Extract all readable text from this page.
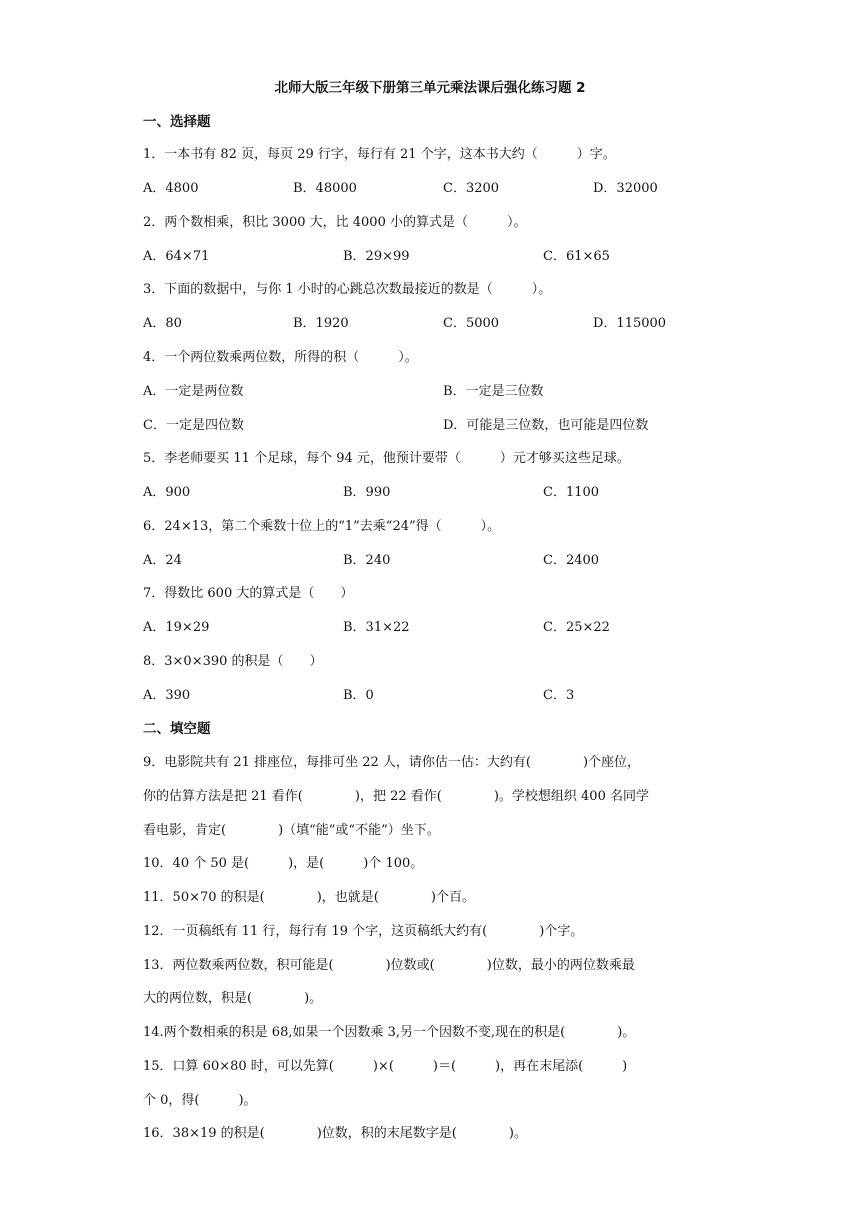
北师大版三年级下册第三单元乘法课后强化练习题 2
一、选择题
1．一本书有 82 页，每页 29 行字，每行有 21 个字，这本书大约（　　　）字。
A．4800	B．48000	C．3200	D．32000
2．两个数相乘，积比 3000 大，比 4000 小的算式是（　　　）。
A．64×71	B．29×99	C．61×65
3．下面的数据中，与你 1 小时的心跳总次数最接近的数是（　　　）。
A．80	B．1920	C．5000	D．115000
4．一个两位数乘两位数，所得的积（　　　）。
A．一定是两位数	B．一定是三位数
C．一定是四位数	D．可能是三位数，也可能是四位数
5．李老师要买 11 个足球，每个 94 元，他预计要带（　　　）元才够买这些足球。
A．900	B．990	C．1100
6．24×13，第二个乘数十位上的“1”去乘“24”得（　　　）。
A．24	B．240	C．2400
7．得数比 600 大的算式是（　　）
A．19×29	B．31×22	C．25×22
8．3×0×390 的积是（　　）
A．390	B．0	C．3
二、填空题
9．电影院共有 21 排座位，每排可坐 22 人，请你估一估：大约有(　　　　)个座位，
你的估算方法是把 21 看作(　　　　)，把 22 看作(　　　　)。学校想组织 400 名同学
看电影，肯定(　　　　)（填“能”或“不能”）坐下。
10．40 个 50 是(　　　)，是(　　　)个 100。
11．50×70 的积是(　　　　)，也就是(　　　　)个百。
12．一页稿纸有 11 行，每行有 19 个字，这页稿纸大约有(　　　　)个字。
13．两位数乘两位数，积可能是(　　　　)位数或(　　　　)位数，最小的两位数乘最
大的两位数，积是(　　　　)。
14.两个数相乘的积是 68,如果一个因数乘 3,另一个因数不变,现在的积是(　　　　)。
15．口算 60×80 时，可以先算(　　　)×(　　　)＝(　　　)，再在末尾添(　　　)
个 0，得(　　　)。
16．38×19 的积是(　　　　)位数，积的末尾数字是(　　　　)。
